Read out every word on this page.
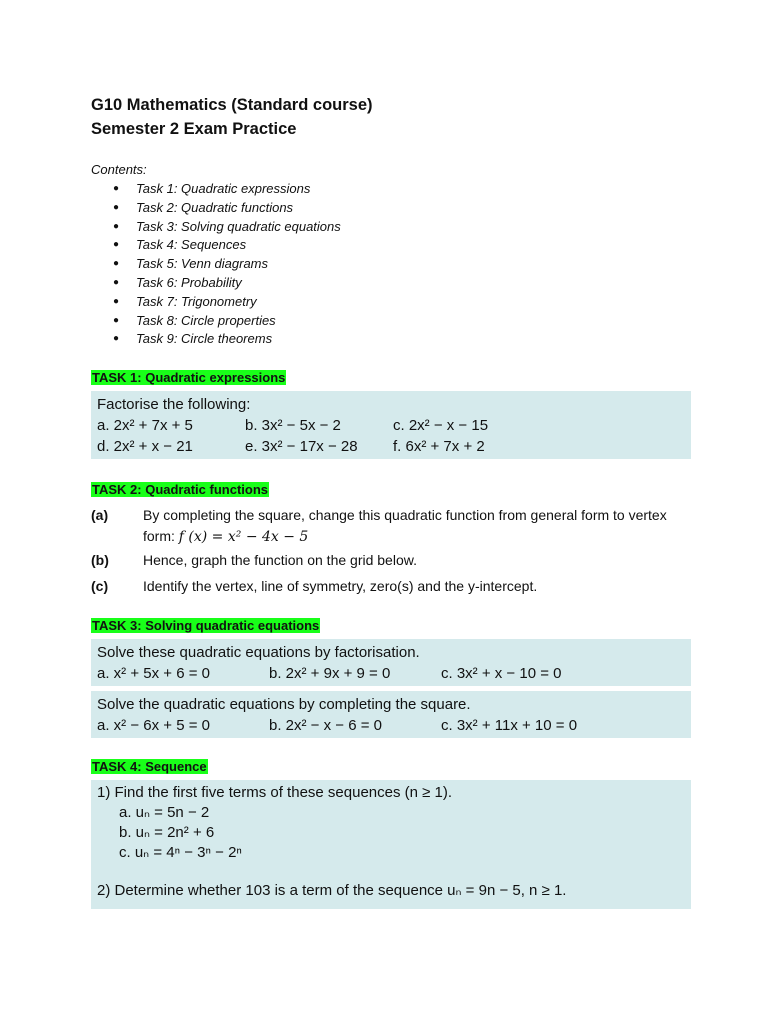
G10 Mathematics (Standard course)
Semester 2 Exam Practice
Contents:
● Task 1: Quadratic expressions
● Task 2: Quadratic functions
● Task 3: Solving quadratic equations
● Task 4: Sequences
● Task 5: Venn diagrams
● Task 6: Probability
● Task 7: Trigonometry
● Task 8: Circle properties
● Task 9: Circle theorems
TASK 1: Quadratic expressions
Factorise the following:
a. 2x² + 7x + 5	b. 3x² − 5x − 2	c. 2x² − x − 15
d. 2x² + x − 21	e. 3x² − 17x − 28	f. 6x² + 7x + 2
TASK 2: Quadratic functions
(a)	By completing the square, change this quadratic function from general form to vertex
form: f (x) = x² − 4x − 5
(b)	Hence, graph the function on the grid below.
(c)	Identify the vertex, line of symmetry, zero(s) and the y-intercept.
TASK 3: Solving quadratic equations
Solve these quadratic equations by factorisation.
a. x² + 5x + 6 = 0	b. 2x² + 9x + 9 = 0	c. 3x² + x − 10 = 0
Solve the quadratic equations by completing the square.
a. x² − 6x + 5 = 0	b. 2x² − x − 6 = 0	c. 3x² + 11x + 10 = 0
TASK 4: Sequence
1) Find the first five terms of these sequences (n ≥ 1).
a. uₙ = 5n − 2
b. uₙ = 2n² + 6
c. uₙ = 4ⁿ − 3ⁿ − 2ⁿ
2) Determine whether 103 is a term of the sequence uₙ = 9n − 5, n ≥ 1.
